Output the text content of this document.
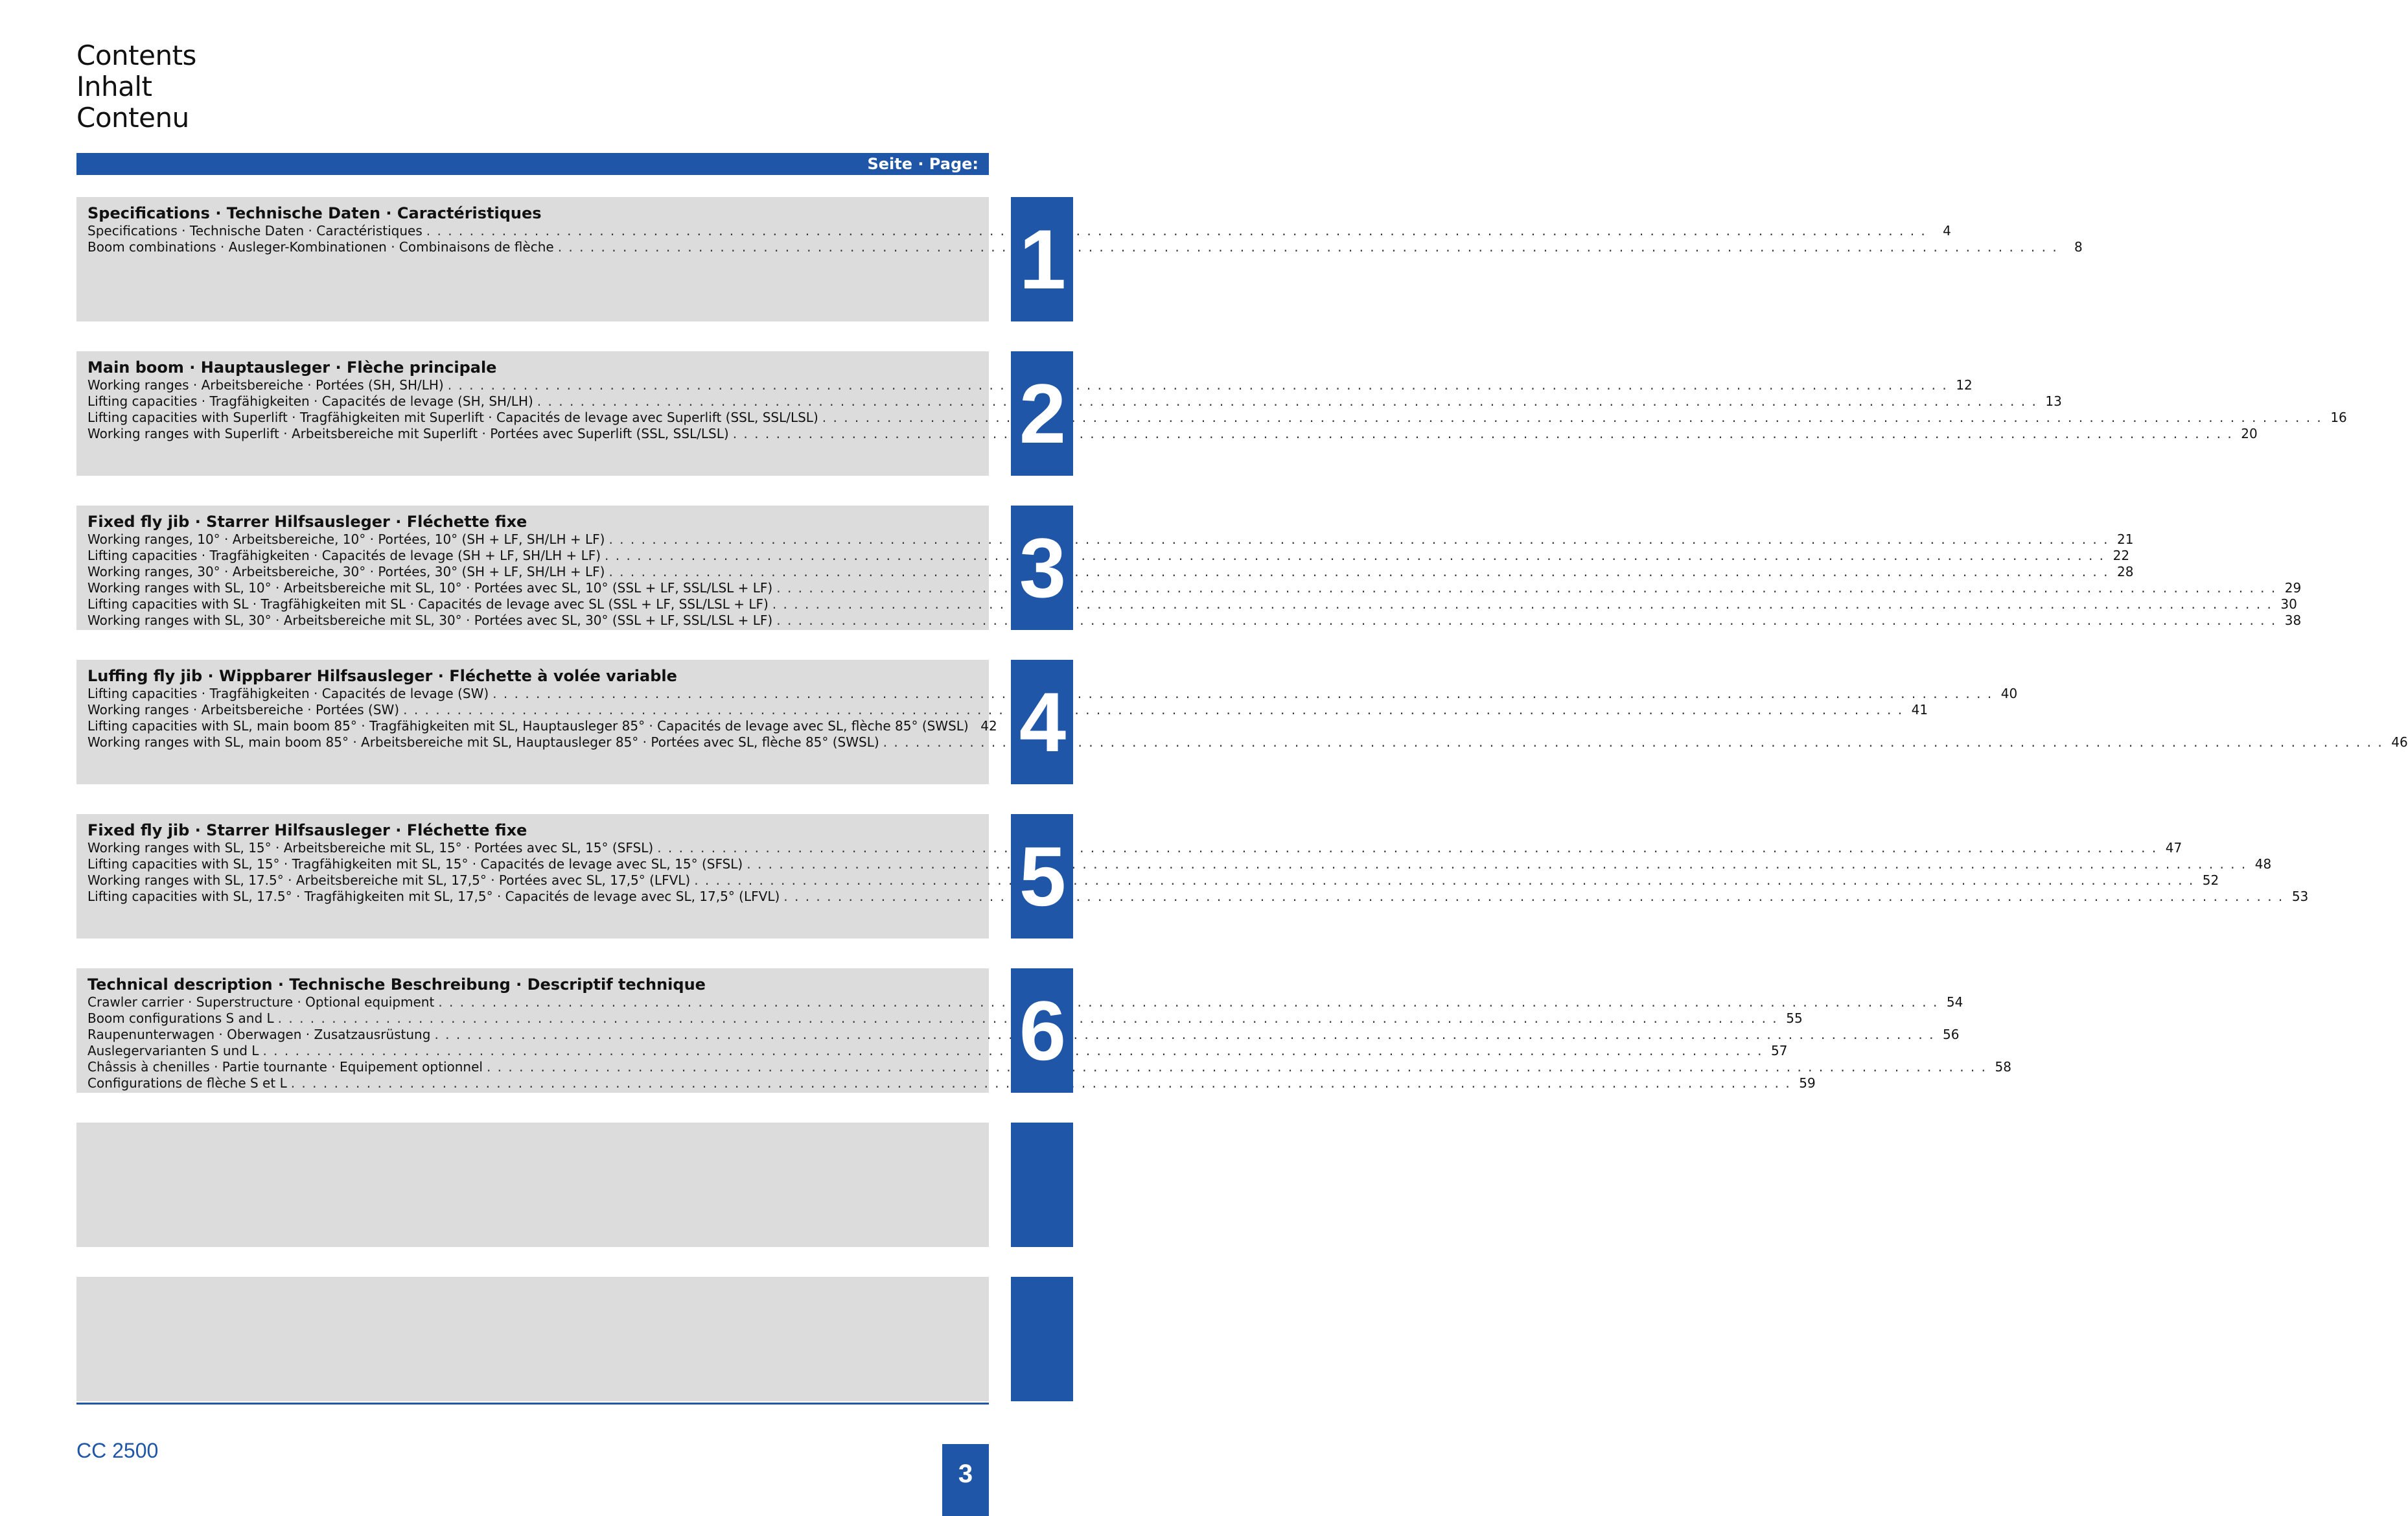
Contents
Inhalt
Contenu
Seite · Page:
Specifications · Technische Daten · Caractéristiques
Specifications · Technische Daten · Caractéristiques . . .	4
Boom combinations · Ausleger-Kombinationen · Combinaisons de flèche . . .	8
1
Main boom · Hauptausleger · Flèche principale
Working ranges · Arbeitsbereiche · Portées (SH, SH/LH) . . .	12
Lifting capacities · Tragfähigkeiten · Capacités de levage (SH, SH/LH) . . .	13
Lifting capacities with Superlift · Tragfähigkeiten mit Superlift · Capacités de levage avec Superlift (SSL, SSL/LSL) . . .	16
Working ranges with Superlift · Arbeitsbereiche mit Superlift · Portées avec Superlift (SSL, SSL/LSL) . . .	20
2
Fixed fly jib · Starrer Hilfsausleger · Fléchette fixe
Working ranges, 10° · Arbeitsbereiche, 10° · Portées, 10° (SH + LF, SH/LH + LF) . . .	21
Lifting capacities · Tragfähigkeiten · Capacités de levage (SH + LF, SH/LH + LF) . . .	22
Working ranges, 30° · Arbeitsbereiche, 30° · Portées, 30° (SH + LF, SH/LH + LF) . . .	28
Working ranges with SL, 10° · Arbeitsbereiche mit SL, 10° · Portées avec SL, 10° (SSL + LF, SSL/LSL + LF) . . .	29
Lifting capacities with SL · Tragfähigkeiten mit SL · Capacités de levage avec SL (SSL + LF, SSL/LSL + LF) . . .	30
Working ranges with SL, 30° · Arbeitsbereiche mit SL, 30° · Portées avec SL, 30° (SSL + LF, SSL/LSL + LF) . . .	38
3
Luffing fly jib · Wippbarer Hilfsausleger · Fléchette à volée variable
Lifting capacities · Tragfähigkeiten · Capacités de levage (SW) . . .	40
Working ranges · Arbeitsbereiche · Portées (SW) . . .	41
Lifting capacities with SL, main boom 85° · Tragfähigkeiten mit SL, Hauptausleger 85° · Capacités de levage avec SL, flèche 85° (SWSL) 42
Working ranges with SL, main boom 85° · Arbeitsbereiche mit SL, Hauptausleger 85° · Portées avec SL, flèche 85° (SWSL) . . .	46
4
Fixed fly jib · Starrer Hilfsausleger · Fléchette fixe
Working ranges with SL, 15° · Arbeitsbereiche mit SL, 15° · Portées avec SL, 15° (SFSL) . . .	47
Lifting capacities with SL, 15° · Tragfähigkeiten mit SL, 15° · Capacités de levage avec SL, 15° (SFSL) . . .	48
Working ranges with SL, 17.5° · Arbeitsbereiche mit SL, 17,5° · Portées avec SL, 17,5° (LFVL) . . .	52
Lifting capacities with SL, 17.5° · Tragfähigkeiten mit SL, 17,5° · Capacités de levage avec SL, 17,5° (LFVL) . . .	53
5
Technical description · Technische Beschreibung · Descriptif technique
Crawler carrier · Superstructure · Optional equipment . . .	54
Boom configurations S and L . . .	55
Raupenunterwagen · Oberwagen · Zusatzausrüstung . . .	56
Auslegervarianten S und L . . .	57
Châssis à chenilles · Partie tournante · Equipement optionnel . . .	58
Configurations de flèche S et L . . .	59
6
CC 2500
3
